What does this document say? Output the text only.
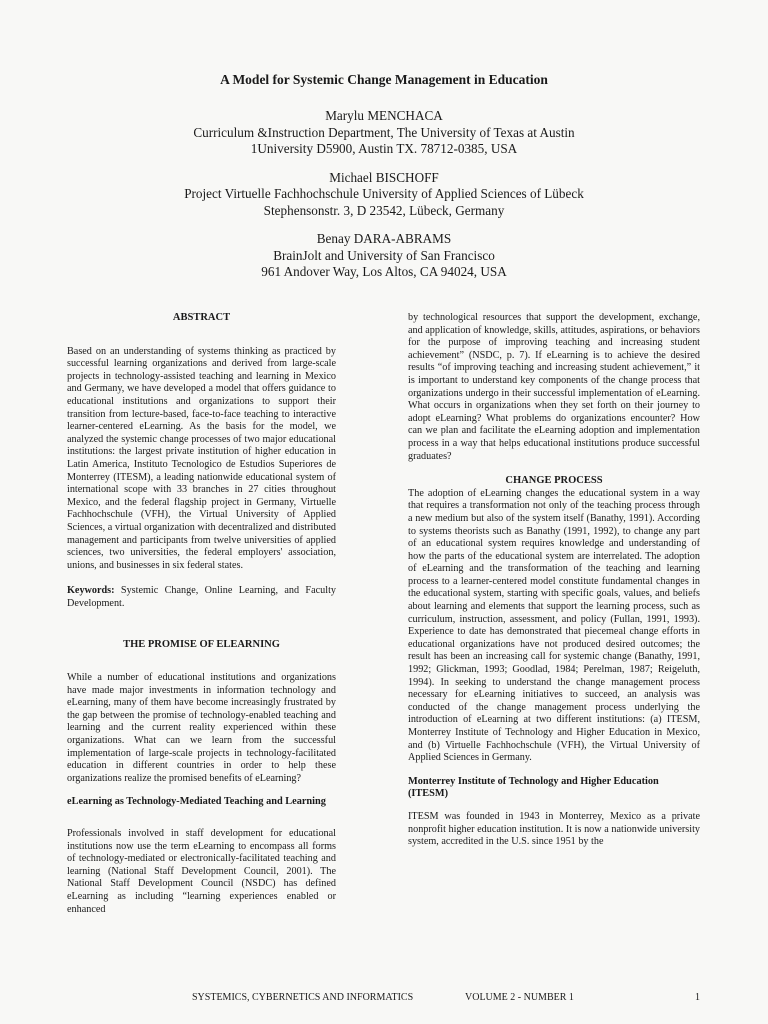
A Model for Systemic Change Management in Education
Marylu MENCHACA
Curriculum &Instruction Department, The University of Texas at Austin
1University D5900, Austin TX. 78712-0385, USA
Michael BISCHOFF
Project Virtuelle Fachhochschule University of Applied Sciences of Lübeck
Stephensonstr. 3, D 23542, Lübeck, Germany
Benay DARA-ABRAMS
BrainJolt and University of San Francisco
961 Andover Way, Los Altos, CA 94024, USA
ABSTRACT

Based on an understanding of systems thinking as practiced by successful learning organizations and derived from large-scale projects in technology-assisted teaching and learning in Mexico and Germany, we have developed a model that offers guidance to educational institutions and organizations to support their transition from lecture-based, face-to-face teaching to interactive learner-centered eLearning. As the basis for the model, we analyzed the systemic change processes of two major educational institutions: the largest private institution of higher education in Latin America, Instituto Tecnologico de Estudios Superiores de Monterrey (ITESM), a leading nationwide educational system of international scope with 33 branches in 27 cities throughout Mexico, and the federal flagship project in Germany, Virtuelle Fachhochschule (VFH), the Virtual University of Applied Sciences, a virtual organization with decentralized and distributed management and participants from twelve universities of applied sciences, two universities, the federal employers' association, unions, and businesses in six federal states.

Keywords: Systemic Change, Online Learning, and Faculty Development.

THE PROMISE OF ELEARNING

While a number of educational institutions and organizations have made major investments in information technology and eLearning, many of them have become increasingly frustrated by the gap between the promise of technology-enabled teaching and learning and the current reality experienced within these organizations. What can we learn from the successful implementation of large-scale projects in technology-facilitated education in different countries in order to help these organizations realize the promised benefits of eLearning?

eLearning as Technology-Mediated Teaching and Learning

Professionals involved in staff development for educational institutions now use the term eLearning to encompass all forms of technology-mediated or electronically-facilitated teaching and learning (National Staff Development Council, 2001). The National Staff Development Council (NSDC) has defined eLearning as including “learning experiences enabled or enhanced

by technological resources that support the development, exchange, and application of knowledge, skills, attitudes, aspirations, or behaviors for the purpose of improving teaching and increasing student achievement” (NSDC, p. 7). If eLearning is to achieve the desired results “of improving teaching and increasing student achievement,” it is important to understand key components of the change process that organizations undergo in their successful implementation of eLearning. What occurs in organizations when they set forth on their journey to adopt eLearning? What problems do organizations encounter? How can we plan and facilitate the eLearning adoption and implementation process in a way that helps educational institutions produce successful graduates?

CHANGE PROCESS

The adoption of eLearning changes the educational system in a way that requires a transformation not only of the teaching process through a new medium but also of the system itself (Banathy, 1991). According to systems theorists such as Banathy (1991, 1992), to change any part of an educational system requires knowledge and understanding of how the parts of the educational system are interrelated. The adoption of eLearning and the transformation of the teaching and learning process to a learner-centered model constitute fundamental changes in the educational system, starting with specific goals, values, and beliefs about learning and elements that support the learning process, such as curriculum, instruction, assessment, and policy (Fullan, 1991, 1993). Experience to date has demonstrated that piecemeal change efforts in educational organizations have not produced desired outcomes; the result has been an increasing call for systemic change (Banathy, 1991, 1992; Glickman, 1993; Goodlad, 1984; Perelman, 1987; Reigeluth, 1994). In seeking to understand the change management process necessary for eLearning initiatives to succeed, an analysis was conducted of the change management process underlying the introduction of eLearning at two different institutions: (a) ITESM, Monterrey Institute of Technology and Higher Education in Mexico, and (b) Virtuelle Fachhochschule (VFH), the Virtual University of Applied Sciences in Germany.

Monterrey Institute of Technology and Higher Education (ITESM)

ITESM was founded in 1943 in Monterrey, Mexico as a private nonprofit higher education institution. It is now a nationwide university system, accredited in the U.S. since 1951 by the

SYSTEMICS, CYBERNETICS AND INFORMATICS	VOLUME 2 - NUMBER 1	1
